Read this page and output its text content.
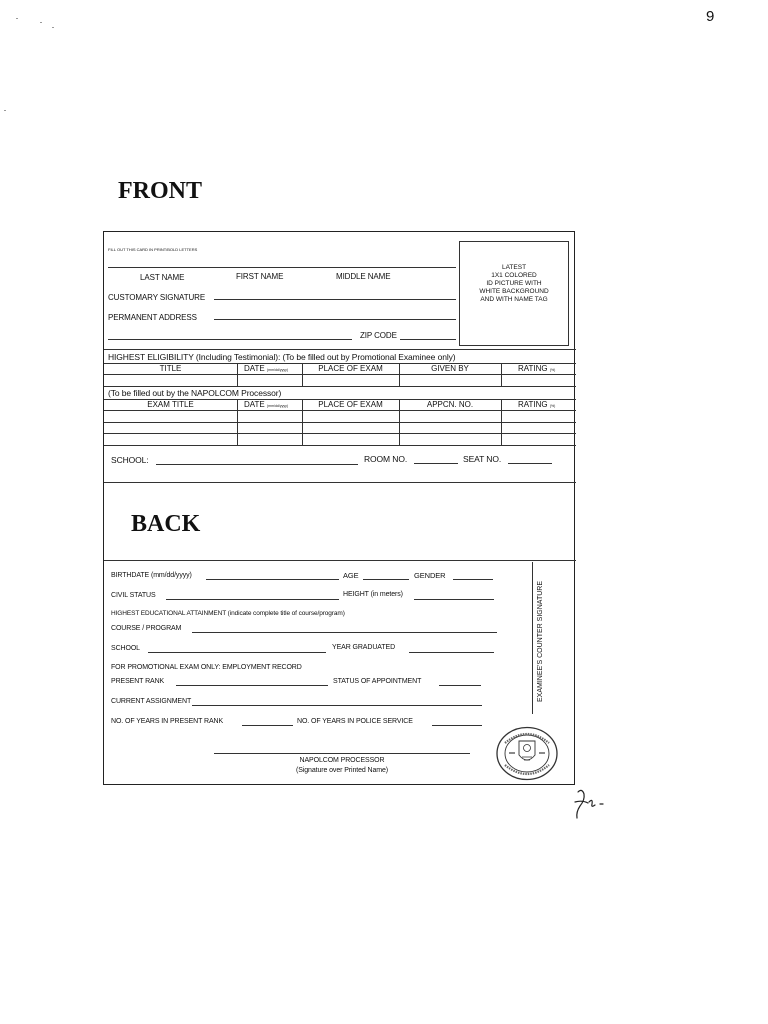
9
FRONT
FILL OUT THIS CARD IN PRINT/BOLD LETTERS
LAST NAME	FIRST NAME	MIDDLE NAME
CUSTOMARY SIGNATURE
PERMANENT ADDRESS
ZIP CODE
LATEST
1X1 COLORED
ID PICTURE WITH
WHITE BACKGROUND
AND WITH NAME TAG
HIGHEST ELIGIBILITY (Including Testimonial): (To be filled out by Promotional Examinee only)
TITLE	DATE (mm/dd/yyyy)	PLACE OF EXAM	GIVEN BY	RATING (%)
(To be filled out by the NAPOLCOM Processor)
EXAM TITLE	DATE (mm/dd/yyyy)	PLACE OF EXAM	APPCN. NO.	RATING (%)
SCHOOL:	ROOM NO.	SEAT NO.
BIRTHDATE (mm/dd/yyyy)	AGE	GENDER
CIVIL STATUS	HEIGHT (in meters)
HIGHEST EDUCATIONAL ATTAINMENT (indicate complete title of course/program)
COURSE / PROGRAM
SCHOOL	YEAR GRADUATED
FOR PROMOTIONAL EXAM ONLY: EMPLOYMENT RECORD
PRESENT RANK	STATUS OF APPOINTMENT
CURRENT ASSIGNMENT
NO. OF YEARS IN PRESENT RANK	NO. OF YEARS IN POLICE SERVICE
NAPOLCOM PROCESSOR
(Signature over Printed Name)
EXAMINEE'S COUNTER SIGNATURE
BACK
